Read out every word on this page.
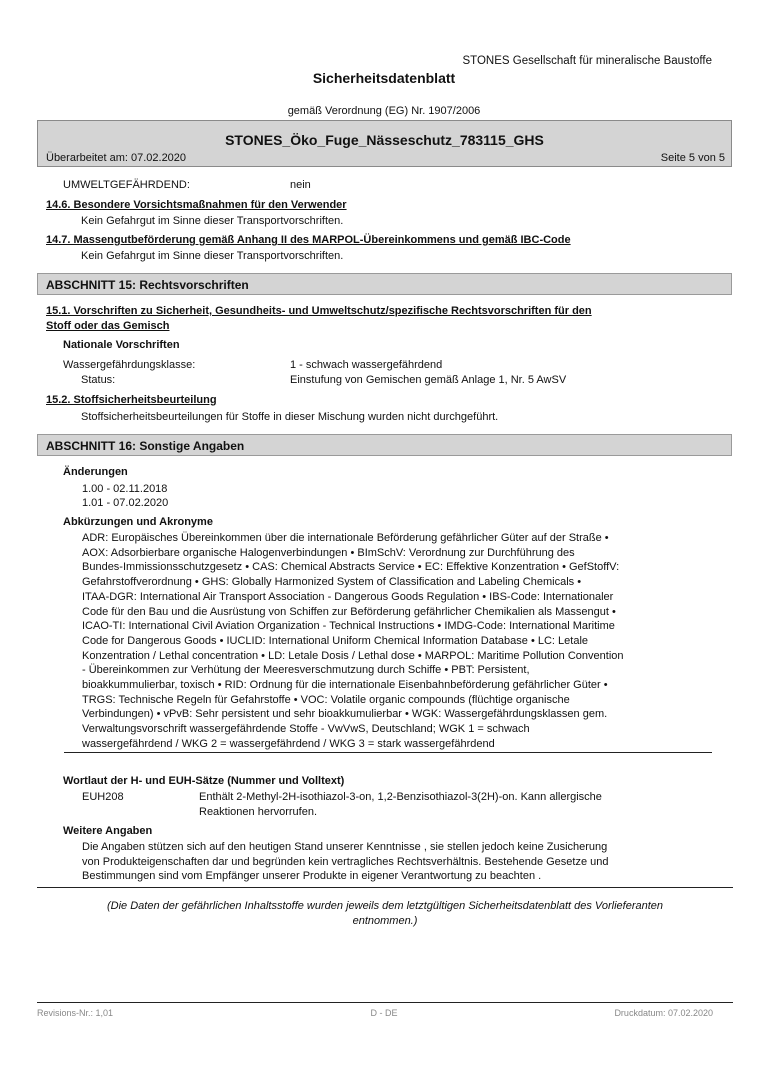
STONES Gesellschaft für mineralische Baustoffe
Sicherheitsdatenblatt
gemäß Verordnung (EG) Nr. 1907/2006
STONES_Öko_Fuge_Nässeschutz_783115_GHS
Überarbeitet am: 07.02.2020	Seite 5 von 5
UMWELTGEFÄHRDEND:	nein
14.6. Besondere Vorsichtsmaßnahmen für den Verwender
Kein Gefahrgut im Sinne dieser Transportvorschriften.
14.7. Massengutbeförderung gemäß Anhang II des MARPOL-Übereinkommens und gemäß IBC-Code
Kein Gefahrgut im Sinne dieser Transportvorschriften.
ABSCHNITT 15: Rechtsvorschriften
15.1. Vorschriften zu Sicherheit, Gesundheits- und Umweltschutz/spezifische Rechtsvorschriften für den
Stoff oder das Gemisch
Nationale Vorschriften
Wassergefährdungsklasse:	1 - schwach wassergefährdend
Status:	Einstufung von Gemischen gemäß Anlage 1, Nr. 5 AwSV
15.2. Stoffsicherheitsbeurteilung
Stoffsicherheitsbeurteilungen für Stoffe in dieser Mischung wurden nicht durchgeführt.
ABSCHNITT 16: Sonstige Angaben
Änderungen
1.00 - 02.11.2018
1.01 - 07.02.2020
Abkürzungen und Akronyme
ADR: Europäisches Übereinkommen über die internationale Beförderung gefährlicher Güter auf der Straße •
AOX: Adsorbierbare organische Halogenverbindungen • BImSchV: Verordnung zur Durchführung des
Bundes-Immissionsschutzgesetz • CAS: Chemical Abstracts Service • EC: Effektive Konzentration • GefStoffV:
Gefahrstoffverordnung • GHS: Globally Harmonized System of Classification and Labeling Chemicals •
ITAA-DGR: International Air Transport Association - Dangerous Goods Regulation • IBS-Code: Internationaler
Code für den Bau und die Ausrüstung von Schiffen zur Beförderung gefährlicher Chemikalien als Massengut •
ICAO-TI: International Civil Aviation Organization - Technical Instructions • IMDG-Code: International Maritime
Code for Dangerous Goods • IUCLID: International Uniform Chemical Information Database • LC: Letale
Konzentration / Lethal concentration • LD: Letale Dosis / Lethal dose • MARPOL: Maritime Pollution Convention
- Übereinkommen zur Verhütung der Meeresverschmutzung durch Schiffe • PBT: Persistent,
bioakkummulierbar, toxisch • RID: Ordnung für die internationale Eisenbahnbeförderung gefährlicher Güter •
TRGS: Technische Regeln für Gefahrstoffe • VOC: Volatile organic compounds (flüchtige organische
Verbindungen) • vPvB: Sehr persistent und sehr bioakkumulierbar • WGK: Wassergefährdungsklassen gem.
Verwaltungsvorschrift wassergefährdende Stoffe - VwVwS, Deutschland; WGK 1 = schwach
wassergefährdend / WKG 2 = wassergefährdend / WKG 3 = stark wassergefährdend
Wortlaut der H- und EUH-Sätze (Nummer und Volltext)
EUH208	Enthält 2-Methyl-2H-isothiazol-3-on, 1,2-Benzisothiazol-3(2H)-on. Kann allergische
Reaktionen hervorrufen.
Weitere Angaben
Die Angaben stützen sich auf den heutigen Stand unserer Kenntnisse , sie stellen jedoch keine Zusicherung
von Produkteigenschaften dar und begründen kein vertragliches Rechtsverhältnis. Bestehende Gesetze und
Bestimmungen sind vom Empfänger unserer Produkte in eigener Verantwortung zu beachten .
(Die Daten der gefährlichen Inhaltsstoffe wurden jeweils dem letztgültigen Sicherheitsdatenblatt des Vorlieferanten
entnommen.)
Revisions-Nr.: 1,01	D - DE	Druckdatum: 07.02.2020
